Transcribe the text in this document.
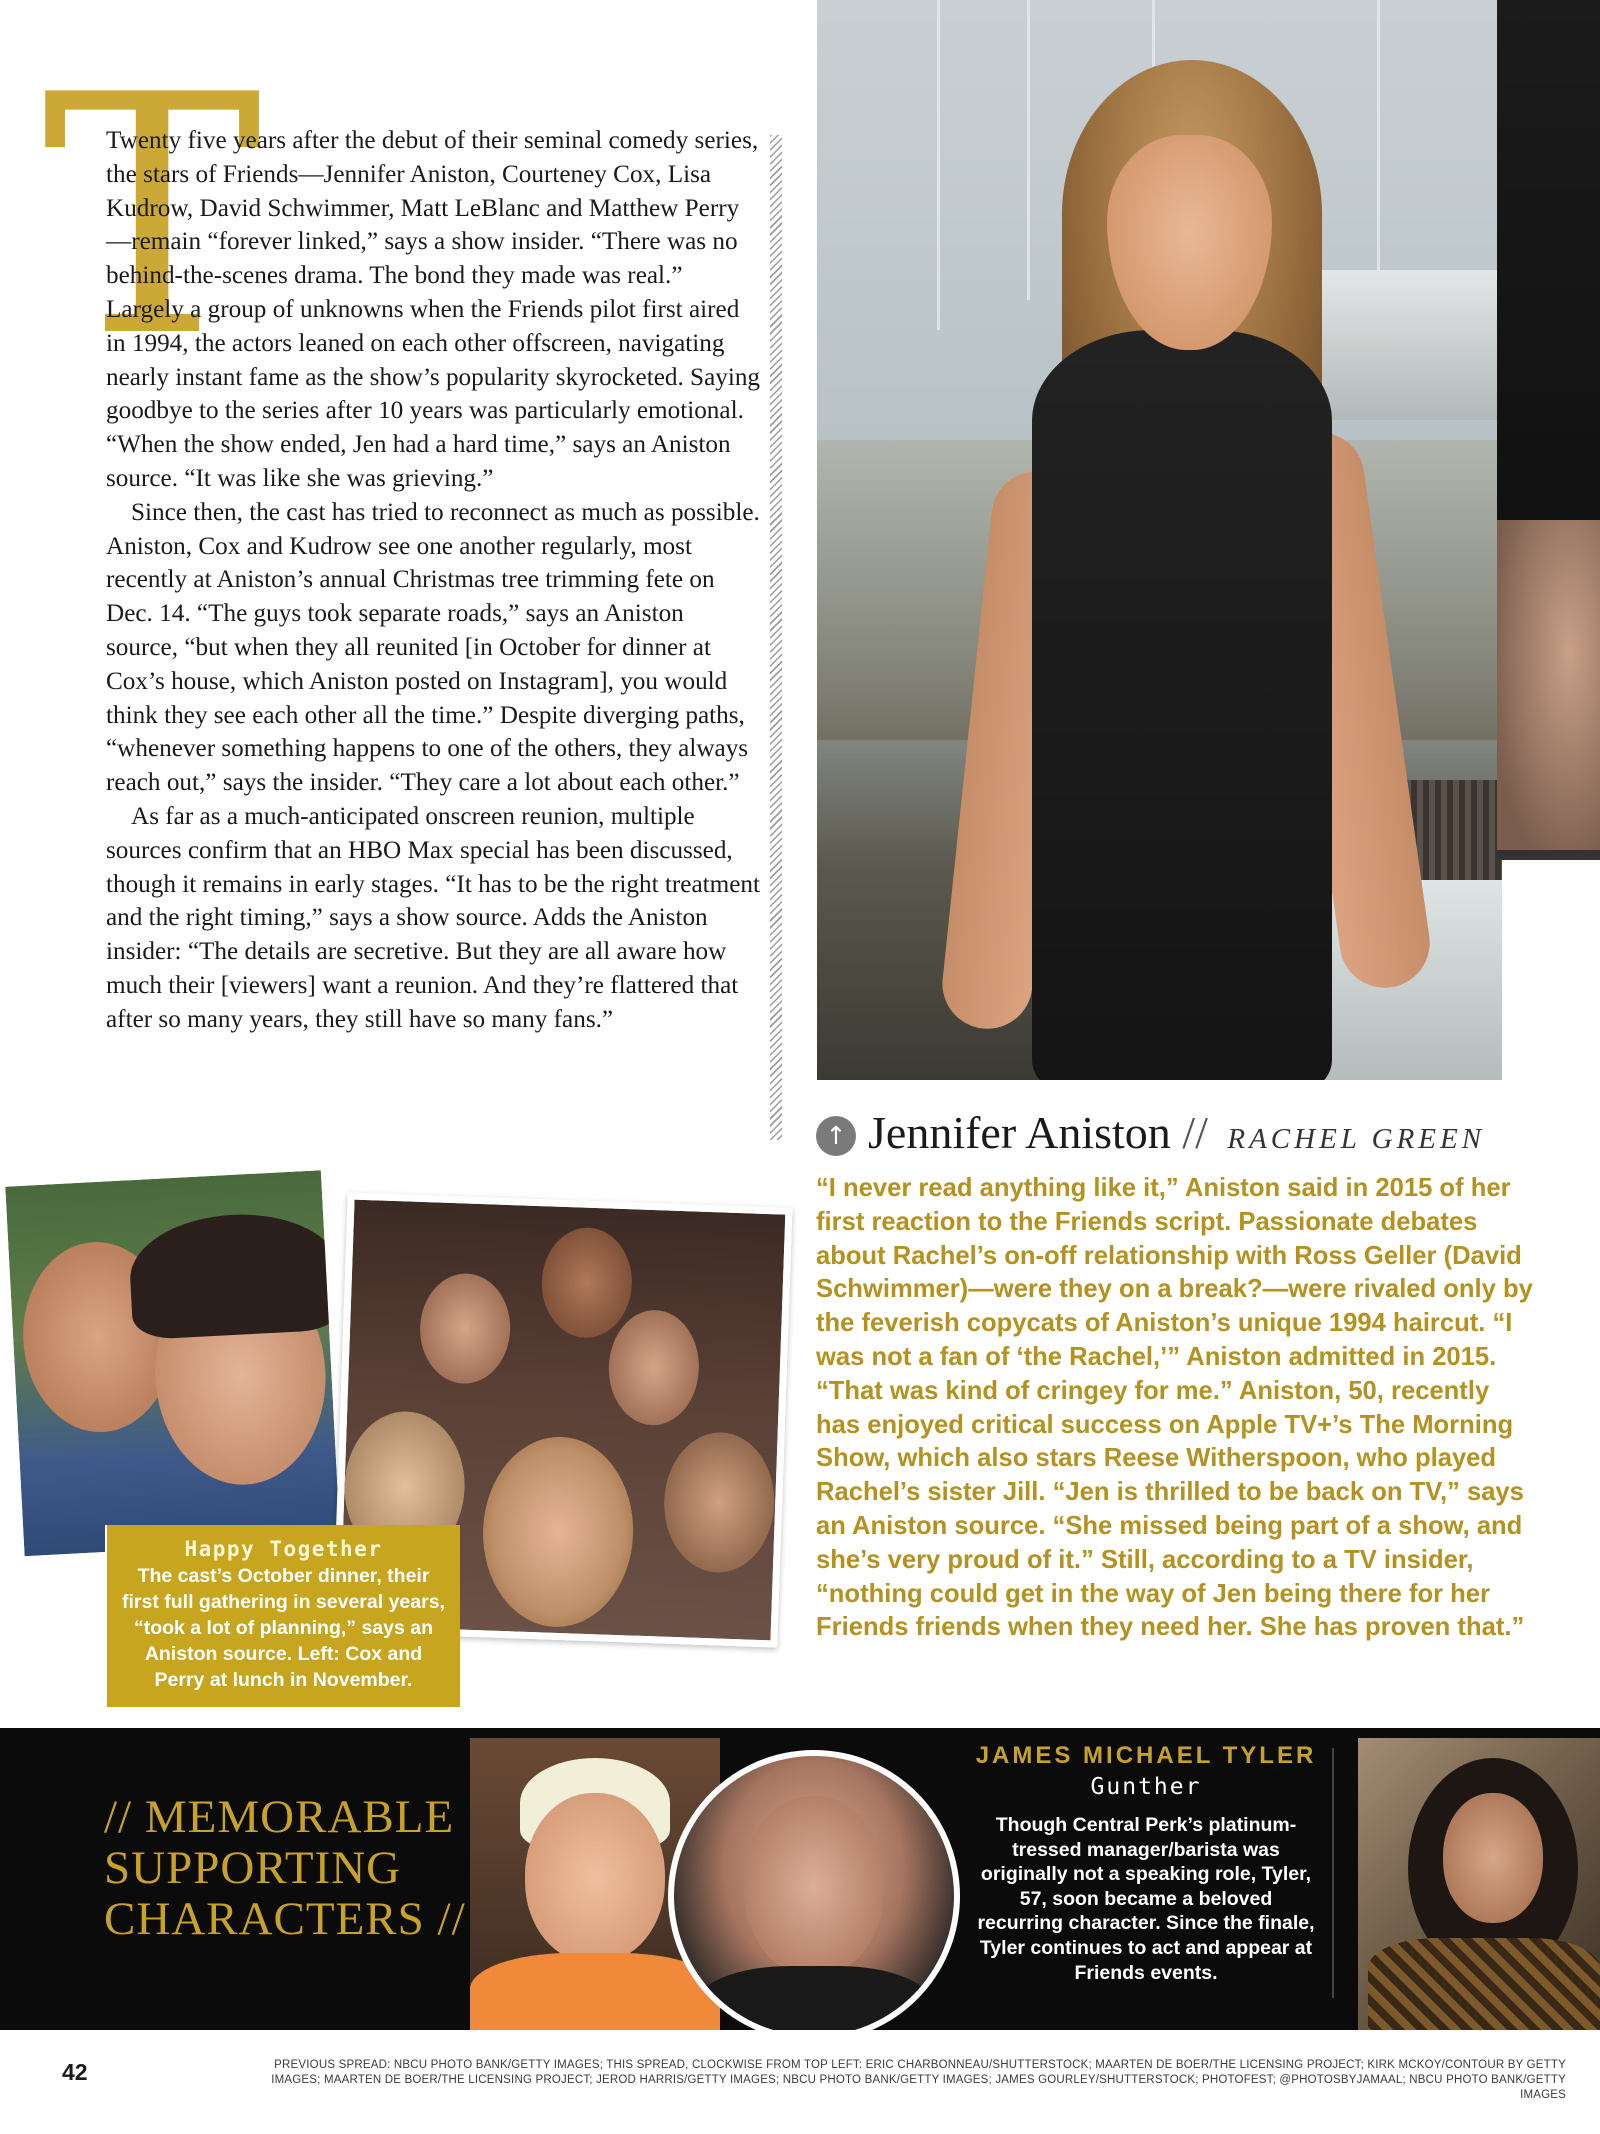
T

Twenty five years after the debut of their seminal comedy series, the stars of Friends—Jennifer Aniston, Courteney Cox, Lisa Kudrow, David Schwimmer, Matt LeBlanc and Matthew Perry—remain “forever linked,” says a show insider. “There was no behind-the-scenes drama. The bond they made was real.” Largely a group of unknowns when the Friends pilot first aired in 1994, the actors leaned on each other offscreen, navigating nearly instant fame as the show’s popularity skyrocketed. Saying goodbye to the series after 10 years was particularly emotional. “When the show ended, Jen had a hard time,” says an Aniston source. “It was like she was grieving.”

Since then, the cast has tried to reconnect as much as possible. Aniston, Cox and Kudrow see one another regularly, most recently at Aniston’s annual Christmas tree trimming fete on Dec. 14. “The guys took separate roads,” says an Aniston source, “but when they all reunited [in October for dinner at Cox’s house, which Aniston posted on Instagram], you would think they see each other all the time.” Despite diverging paths, “whenever something happens to one of the others, they always reach out,” says the insider. “They care a lot about each other.”

As far as a much-anticipated onscreen reunion, multiple sources confirm that an HBO Max special has been discussed, though it remains in early stages. “It has to be the right treatment and the right timing,” says a show source. Adds the Aniston insider: “The details are secretive. But they are all aware how much their [viewers] want a reunion. And they’re flattered that after so many years, they still have so many fans.”

↑ Jennifer Aniston // RACHEL GREEN

“I never read anything like it,” Aniston said in 2015 of her first reaction to the Friends script. Passionate debates about Rachel’s on-off relationship with Ross Geller (David Schwimmer)—were they on a break?—were rivaled only by the feverish copycats of Aniston’s unique 1994 haircut. “I was not a fan of ‘the Rachel,’” Aniston admitted in 2015. “That was kind of cringey for me.” Aniston, 50, recently has enjoyed critical success on Apple TV+’s The Morning Show, which also stars Reese Witherspoon, who played Rachel’s sister Jill. “Jen is thrilled to be back on TV,” says an Aniston source. “She missed being part of a show, and she’s very proud of it.” Still, according to a TV insider, “nothing could get in the way of Jen being there for her Friends friends when they need her. She has proven that.”

Happy Together

The cast’s October dinner, their first full gathering in several years, “took a lot of planning,” says an Aniston source. Left: Cox and Perry at lunch in November.

// MEMORABLE
SUPPORTING
CHARACTERS //
JAMES MICHAEL TYLER
Gunther

Though Central Perk’s platinum-tressed manager/barista was originally not a speaking role, Tyler, 57, soon became a beloved recurring character. Since the finale, Tyler continues to act and appear at Friends events.

42	PREVIOUS SPREAD: NBCU PHOTO BANK/GETTY IMAGES; THIS SPREAD, CLOCKWISE FROM TOP LEFT: ERIC CHARBONNEAU/SHUTTERSTOCK; MAARTEN DE BOER/THE LICENSING PROJECT; KIRK MCKOY/CONTOUR BY GETTY IMAGES; MAARTEN DE BOER/THE LICENSING PROJECT; JEROD HARRIS/GETTY IMAGES; NBCU PHOTO BANK/GETTY IMAGES; JAMES GOURLEY/SHUTTERSTOCK; PHOTOFEST; @PHOTOSBYJAMAAL; NBCU PHOTO BANK/GETTY IMAGES
